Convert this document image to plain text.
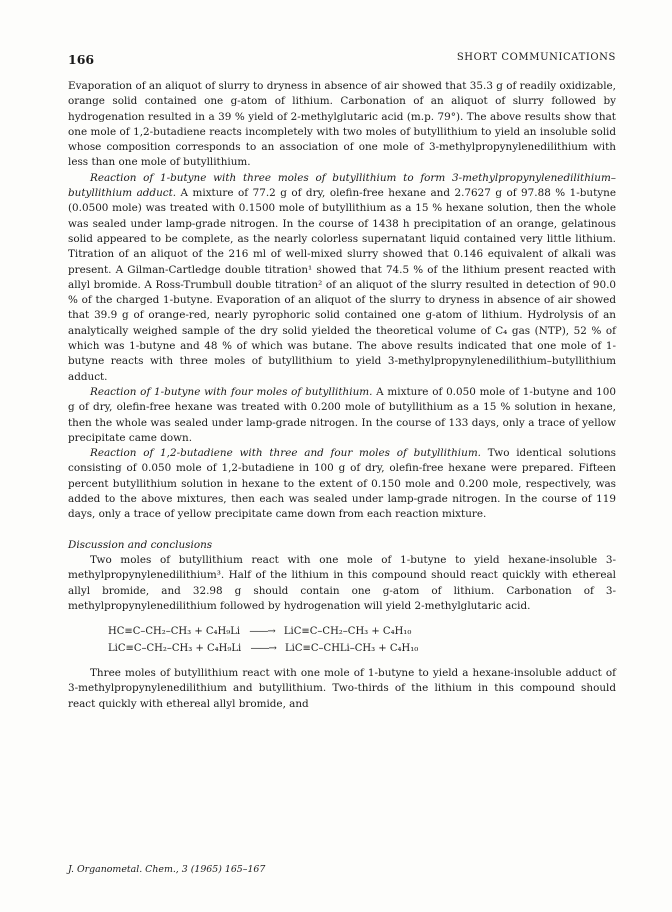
166	SHORT COMMUNICATIONS

Evaporation of an aliquot of slurry to dryness in absence of air showed that 35.3 g of readily oxidizable, orange solid contained one g-atom of lithium. Carbonation of an aliquot of slurry followed by hydrogenation resulted in a 39 % yield of 2-methylglutaric acid (m.p. 79°). The above results show that one mole of 1,2-butadiene reacts incompletely with two moles of butyllithium to yield an insoluble solid whose composition corresponds to an association of one mole of 3-methylpropynylenedilithium with less than one mole of butyllithium.

Reaction of 1-butyne with three moles of butyllithium to form 3-methylpropynylenedilithium–butyllithium adduct. A mixture of 77.2 g of dry, olefin-free hexane and 2.7627 g of 97.88 % 1-butyne (0.0500 mole) was treated with 0.1500 mole of butyllithium as a 15 % hexane solution, then the whole was sealed under lamp-grade nitrogen. In the course of 1438 h precipitation of an orange, gelatinous solid appeared to be complete, as the nearly colorless supernatant liquid contained very little lithium. Titration of an aliquot of the 216 ml of well-mixed slurry showed that 0.146 equivalent of alkali was present. A Gilman-Cartledge double titration¹ showed that 74.5 % of the lithium present reacted with allyl bromide. A Ross-Trumbull double titration² of an aliquot of the slurry resulted in detection of 90.0 % of the charged 1-butyne. Evaporation of an aliquot of the slurry to dryness in absence of air showed that 39.9 g of orange-red, nearly pyrophoric solid contained one g-atom of lithium. Hydrolysis of an analytically weighed sample of the dry solid yielded the theoretical volume of C₄ gas (NTP), 52 % of which was 1-butyne and 48 % of which was butane. The above results indicated that one mole of 1-butyne reacts with three moles of butyllithium to yield 3-methylpropynylenedilithium–butyllithium adduct.

Reaction of 1-butyne with four moles of butyllithium. A mixture of 0.050 mole of 1-butyne and 100 g of dry, olefin-free hexane was treated with 0.200 mole of butyllithium as a 15 % solution in hexane, then the whole was sealed under lamp-grade nitrogen. In the course of 133 days, only a trace of yellow precipitate came down.

Reaction of 1,2-butadiene with three and four moles of butyllithium. Two identical solutions consisting of 0.050 mole of 1,2-butadiene in 100 g of dry, olefin-free hexane were prepared. Fifteen percent butyllithium solution in hexane to the extent of 0.150 mole and 0.200 mole, respectively, was added to the above mixtures, then each was sealed under lamp-grade nitrogen. In the course of 119 days, only a trace of yellow precipitate came down from each reaction mixture.

Discussion and conclusions

Two moles of butyllithium react with one mole of 1-butyne to yield hexane-insoluble 3-methylpropynylenedilithium³. Half of the lithium in this compound should react quickly with ethereal allyl bromide, and 32.98 g should contain one g-atom of lithium. Carbonation of 3-methylpropynylenedilithium followed by hydrogenation will yield 2-methylglutaric acid.

HC≡C–CH₂–CH₃ + C₄H₉Li ——→ LiC≡C–CH₂–CH₃ + C₄H₁₀
LiC≡C–CH₂–CH₃ + C₄H₉Li ——→ LiC≡C–CHLi–CH₃ + C₄H₁₀

Three moles of butyllithium react with one mole of 1-butyne to yield a hexane-insoluble adduct of 3-methylpropynylenedilithium and butyllithium. Two-thirds of the lithium in this compound should react quickly with ethereal allyl bromide, and

J. Organometal. Chem., 3 (1965) 165–167
